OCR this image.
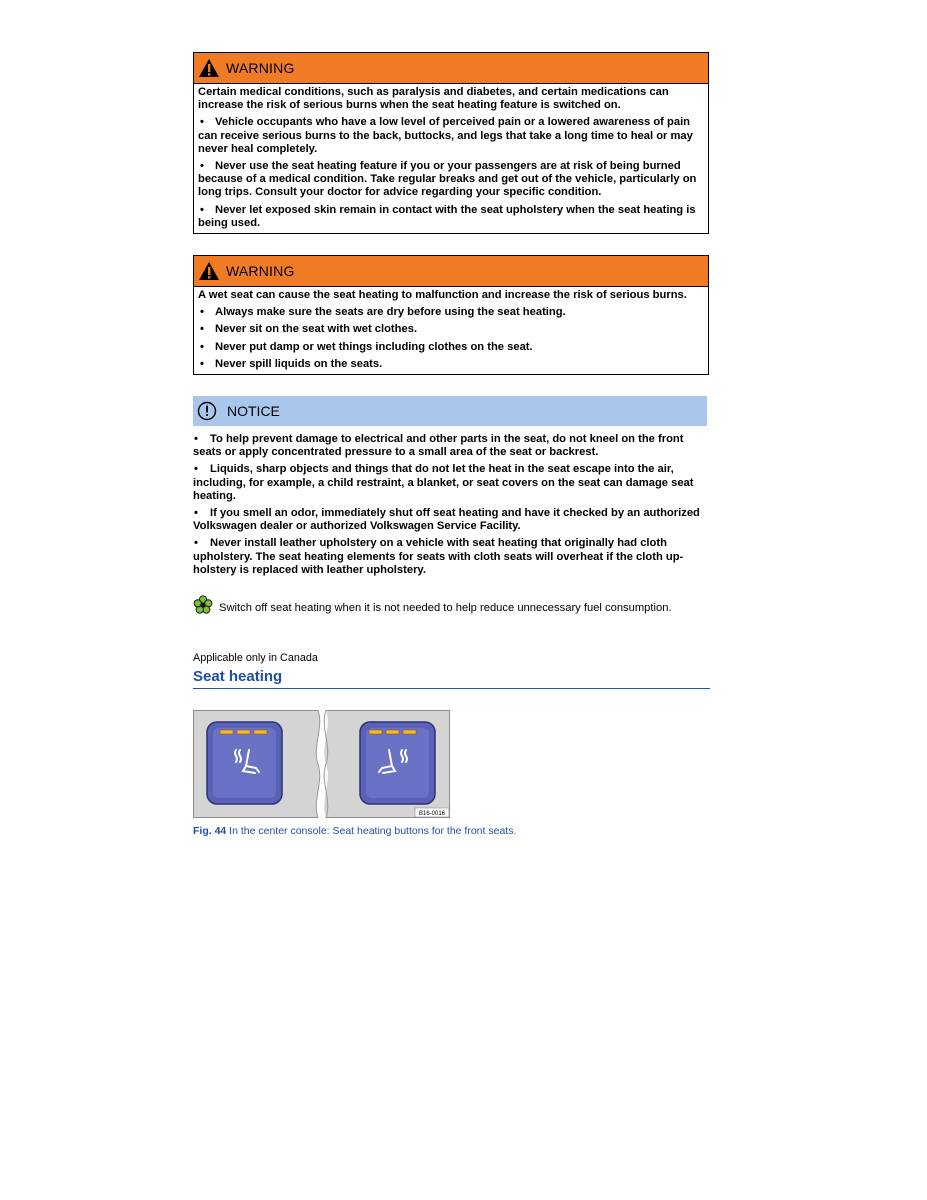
WARNING

Certain medical conditions, such as paralysis and diabetes, and certain medications can increase the risk of serious burns when the seat heating feature is switched on.

• Vehicle occupants who have a low level of perceived pain or a lowered awareness of pain can receive serious burns to the back, buttocks, and legs that take a long time to heal or may never heal completely.

• Never use the seat heating feature if you or your passengers are at risk of being burned because of a medical condition. Take regular breaks and get out of the vehicle, particularly on long trips. Consult your doctor for advice regarding your specific condition.

• Never let exposed skin remain in contact with the seat upholstery when the seat heating is being used.

WARNING

A wet seat can cause the seat heating to malfunction and increase the risk of serious burns.

• Always make sure the seats are dry before using the seat heating.

• Never sit on the seat with wet clothes.

• Never put damp or wet things including clothes on the seat.

• Never spill liquids on the seats.

NOTICE

• To help prevent damage to electrical and other parts in the seat, do not kneel on the front seats or apply concentrated pressure to a small area of the seat or backrest.

• Liquids, sharp objects and things that do not let the heat in the seat escape into the air, including, for example, a child restraint, a blanket, or seat covers on the seat can damage seat heating.

• If you smell an odor, immediately shut off seat heating and have it checked by an authorized Volkswagen dealer or authorized Volkswagen Service Facility.

• Never install leather upholstery on a vehicle with seat heating that originally had cloth upholstery. The seat heating elements for seats with cloth seats will overheat if the cloth up-holstery is replaced with leather upholstery.

Switch off seat heating when it is not needed to help reduce unnecessary fuel consumption.
Applicable only in Canada
Seat heating
B16-0016
Fig. 44 In the center console: Seat heating buttons for the front seats.
